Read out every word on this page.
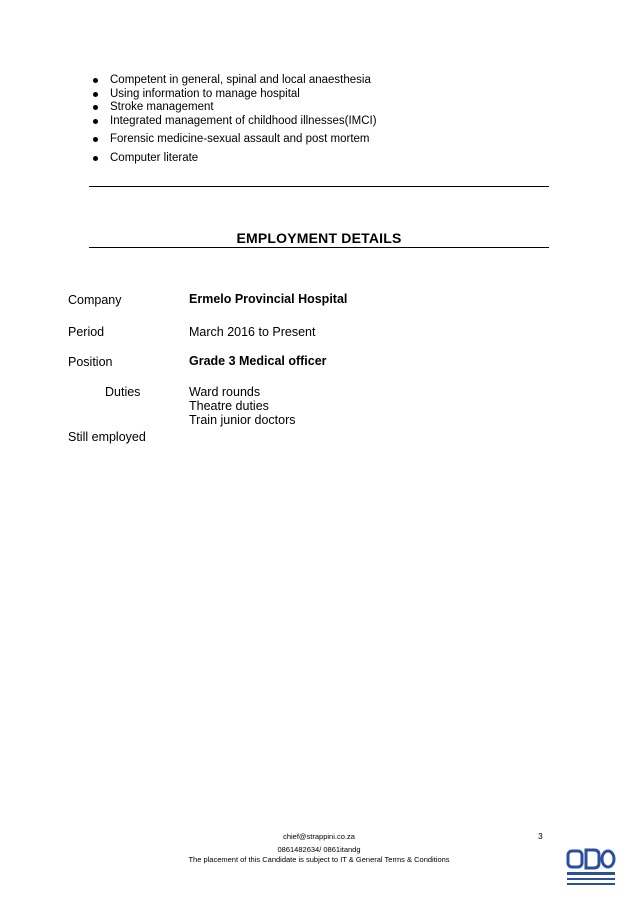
Competent in general, spinal and local anaesthesia
Using information to manage hospital
Stroke management
Integrated management of childhood illnesses(IMCI)
Forensic medicine-sexual assault and post mortem
Computer literate
EMPLOYMENT DETAILS
Company	Ermelo Provincial Hospital
Period	March 2016 to Present
Position	Grade 3 Medical officer
Duties	Ward rounds
Theatre duties
Train junior doctors
Still employed
chief@strappini.co.za
0861482634/ 0861itandg
The placement of this Candidate is subject to IT & General Terms & Conditions
3
